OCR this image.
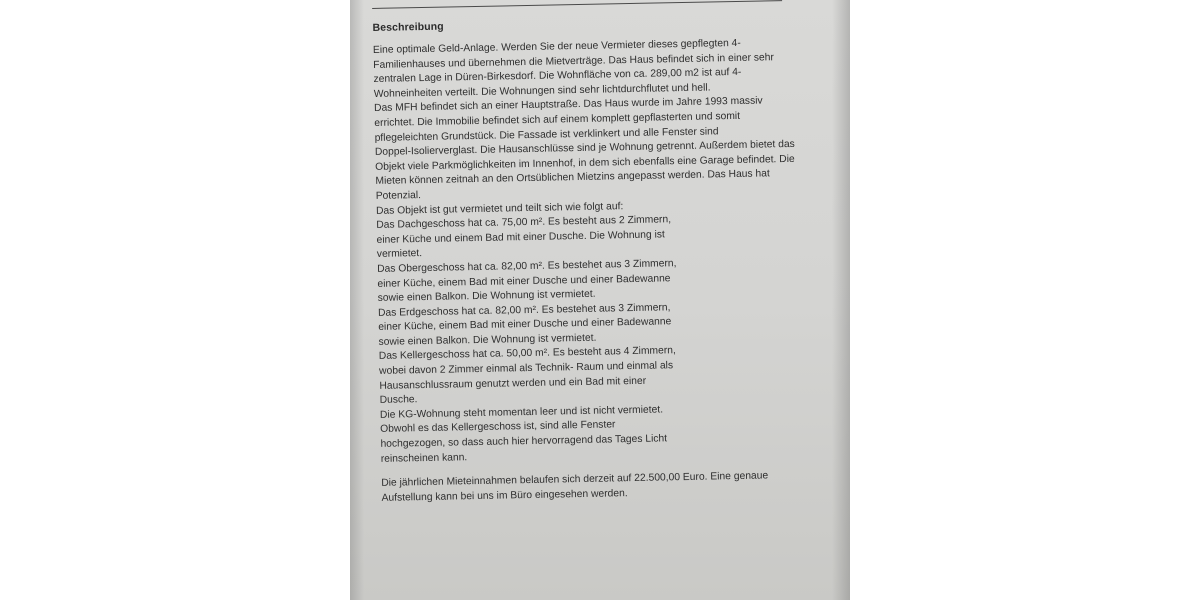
Beschreibung
Eine optimale Geld-Anlage. Werden Sie der neue Vermieter dieses gepflegten 4-
Familienhauses und übernehmen die Mietverträge. Das Haus befindet sich in einer sehr
zentralen Lage in Düren-Birkesdorf. Die Wohnfläche von ca. 289,00 m2 ist auf 4-
Wohneinheiten verteilt. Die Wohnungen sind sehr lichtdurchflutet und hell.
Das MFH befindet sich an einer Hauptstraße. Das Haus wurde im Jahre 1993 massiv
errichtet. Die Immobilie befindet sich auf einem komplett gepflasterten und somit
pflegeleichten Grundstück. Die Fassade ist verklinkert und alle Fenster sind
Doppel-Isolierverglast. Die Hausanschlüsse sind je Wohnung getrennt. Außerdem bietet das
Objekt viele Parkmöglichkeiten im Innenhof, in dem sich ebenfalls eine Garage befindet. Die
Mieten können zeitnah an den Ortsüblichen Mietzins angepasst werden. Das Haus hat
Potenzial.
Das Objekt ist gut vermietet und teilt sich wie folgt auf:
Das Dachgeschoss hat ca. 75,00 m². Es besteht aus 2 Zimmern,
einer Küche und einem Bad mit einer Dusche. Die Wohnung ist
vermietet.
Das Obergeschoss hat ca. 82,00 m². Es bestehet aus 3 Zimmern,
einer Küche, einem Bad mit einer Dusche und einer Badewanne
sowie einen Balkon. Die Wohnung ist vermietet.
Das Erdgeschoss hat ca. 82,00 m². Es bestehet aus 3 Zimmern,
einer Küche, einem Bad mit einer Dusche und einer Badewanne
sowie einen Balkon. Die Wohnung ist vermietet.
Das Kellergeschoss hat ca. 50,00 m². Es besteht aus 4 Zimmern,
wobei davon 2 Zimmer einmal als Technik- Raum und einmal als
Hausanschlussraum genutzt werden und ein Bad mit einer
Dusche.
Die KG-Wohnung steht momentan leer und ist nicht vermietet.
Obwohl es das Kellergeschoss ist, sind alle Fenster
hochgezogen, so dass auch hier hervorragend das Tages Licht
reinscheinen kann.
Die jährlichen Mieteinnahmen belaufen sich derzeit auf 22.500,00 Euro. Eine genaue
Aufstellung kann bei uns im Büro eingesehen werden.
